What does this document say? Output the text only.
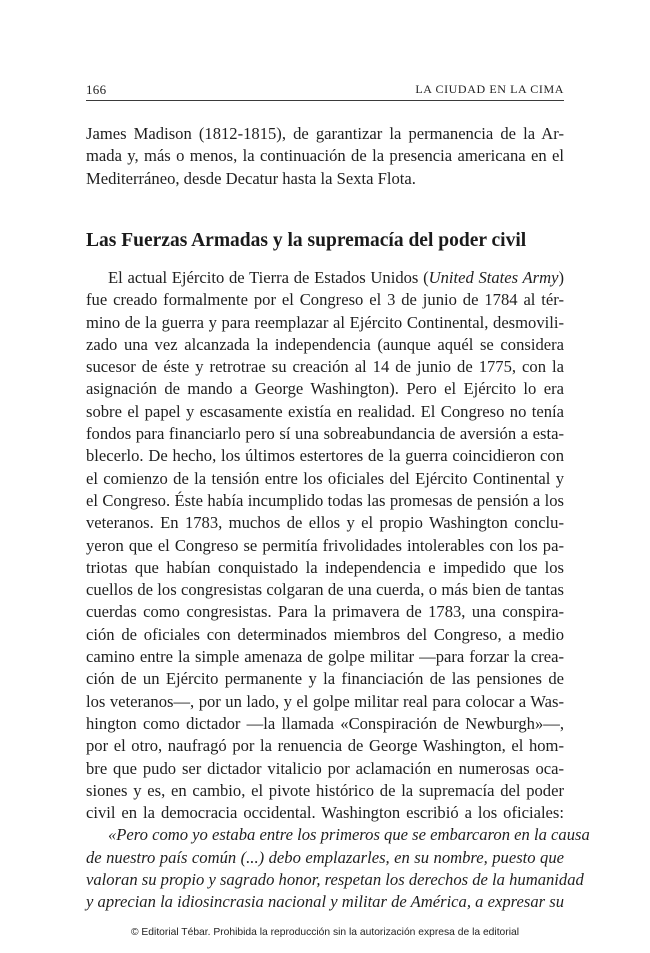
166	LA CIUDAD EN LA CIMA
James Madison (1812-1815), de garantizar la permanencia de la Ar-
mada y, más o menos, la continuación de la presencia americana en el
Mediterráneo, desde Decatur hasta la Sexta Flota.
Las Fuerzas Armadas y la supremacía del poder civil
El actual Ejército de Tierra de Estados Unidos (United States Army)
fue creado formalmente por el Congreso el 3 de junio de 1784 al tér-
mino de la guerra y para reemplazar al Ejército Continental, desmovili-
zado una vez alcanzada la independencia (aunque aquél se considera
sucesor de éste y retrotrae su creación al 14 de junio de 1775, con la
asignación de mando a George Washington). Pero el Ejército lo era
sobre el papel y escasamente existía en realidad. El Congreso no tenía
fondos para financiarlo pero sí una sobreabundancia de aversión a esta-
blecerlo. De hecho, los últimos estertores de la guerra coincidieron con
el comienzo de la tensión entre los oficiales del Ejército Continental y
el Congreso. Éste había incumplido todas las promesas de pensión a los
veteranos. En 1783, muchos de ellos y el propio Washington conclu-
yeron que el Congreso se permitía frivolidades intolerables con los pa-
triotas que habían conquistado la independencia e impedido que los
cuellos de los congresistas colgaran de una cuerda, o más bien de tantas
cuerdas como congresistas. Para la primavera de 1783, una conspira-
ción de oficiales con determinados miembros del Congreso, a medio
camino entre la simple amenaza de golpe militar —para forzar la crea-
ción de un Ejército permanente y la financiación de las pensiones de
los veteranos—, por un lado, y el golpe militar real para colocar a Was-
hington como dictador —la llamada «Conspiración de Newburgh»—,
por el otro, naufragó por la renuencia de George Washington, el hom-
bre que pudo ser dictador vitalicio por aclamación en numerosas oca-
siones y es, en cambio, el pivote histórico de la supremacía del poder
civil en la democracia occidental. Washington escribió a los oficiales:
«Pero como yo estaba entre los primeros que se embarcaron en la causa
de nuestro país común (...) debo emplazarles, en su nombre, puesto que
valoran su propio y sagrado honor, respetan los derechos de la humanidad
y aprecian la idiosincrasia nacional y militar de América, a expresar su
© Editorial Tébar. Prohibida la reproducción sin la autorización expresa de la editorial
